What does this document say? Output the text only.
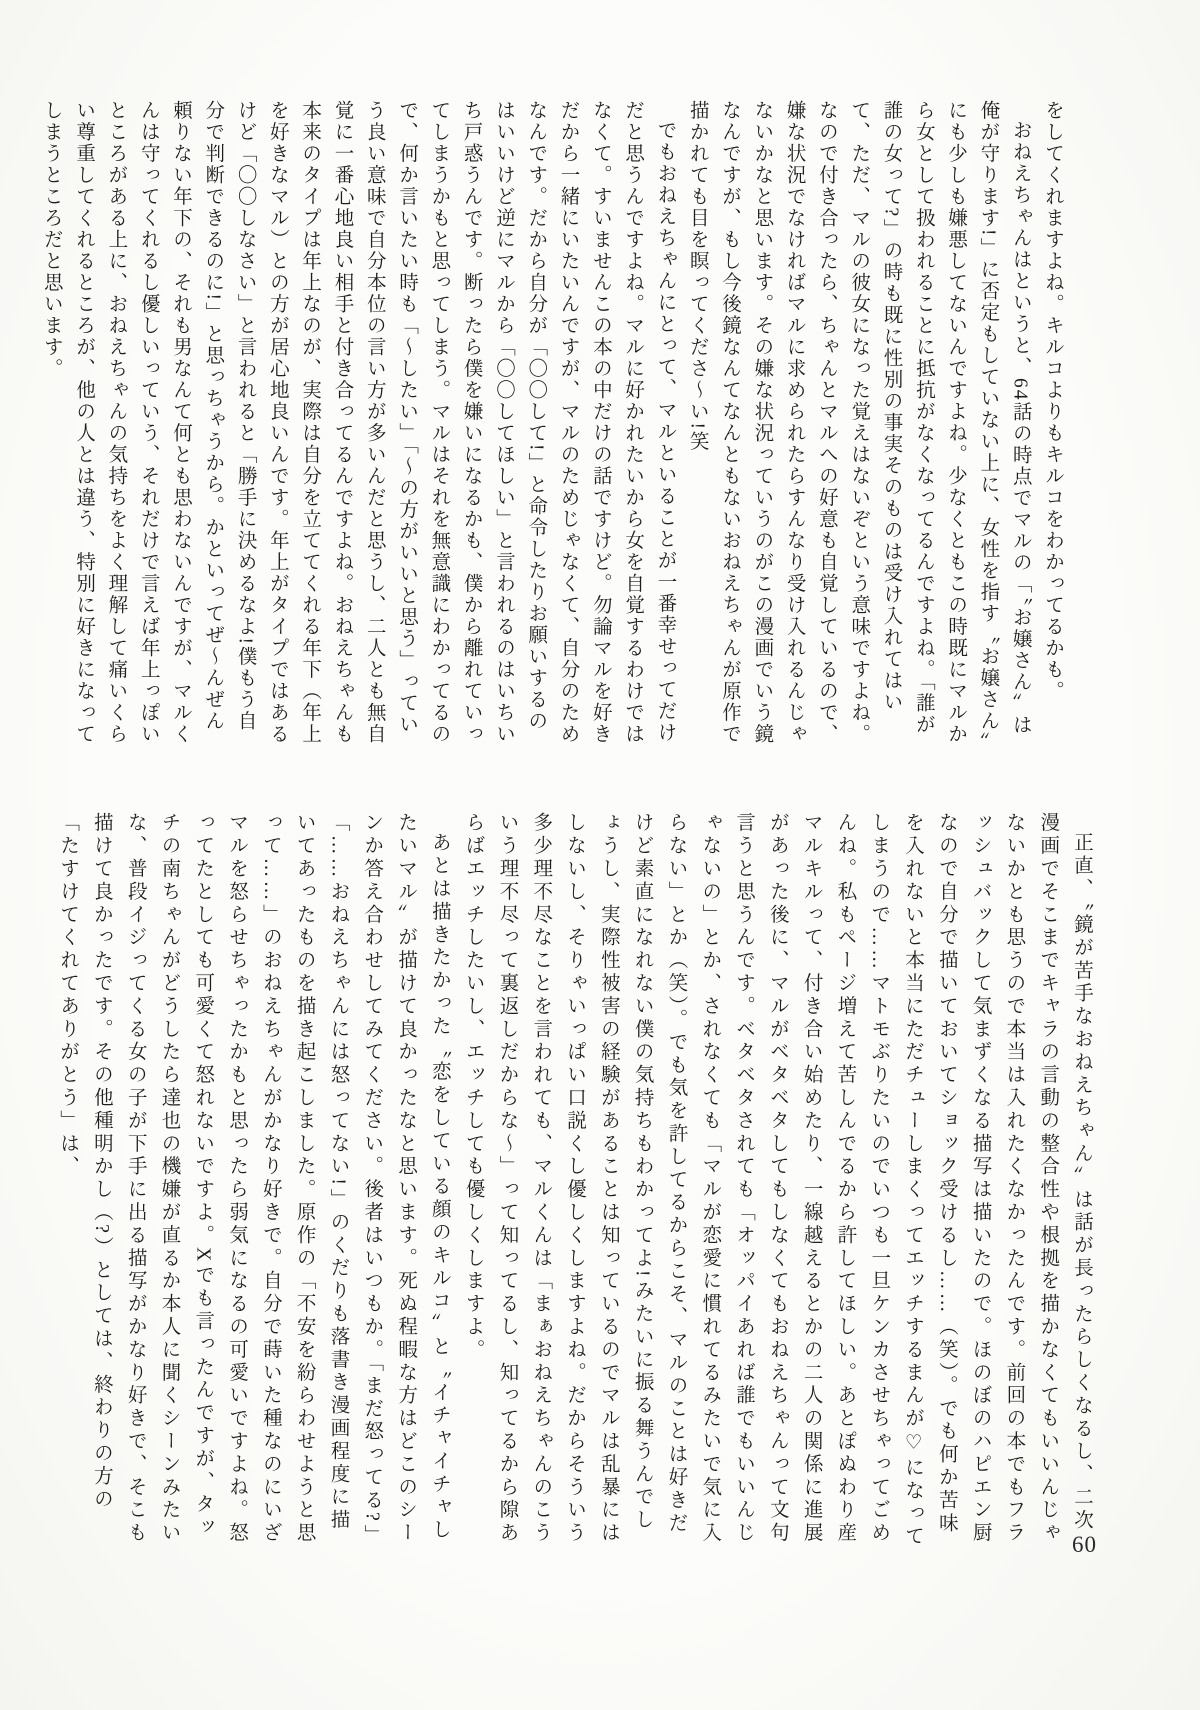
をしてくれますよね。キルコよりもキルコをわかってるかも。

おねえちゃんはというと、64話の時点でマルの「〝お嬢さん〟は俺が守ります!」に否定もしていない上に、女性を指す〝お嬢さん〟にも少しも嫌悪してないんですよね。少なくともこの時既にマルから女として扱われることに抵抗がなくなってるんですよね。「誰が誰の女って?」の時も既に性別の事実そのものは受け入れてはいて、ただ、マルの彼女になった覚えはないぞという意味ですよね。なので付き合ったら、ちゃんとマルへの好意も自覚しているので、嫌な状況でなければマルに求められたらすんなり受け入れるんじゃないかなと思います。その嫌な状況っていうのがこの漫画でいう鏡なんですが、もし今後鏡なんてなんともないおねえちゃんが原作で描かれても目を瞑ってくださ〜い!笑

でもおねえちゃんにとって、マルといることが一番幸せってだけだと思うんですよね。マルに好かれたいから女を自覚するわけではなくて。すいませんこの本の中だけの話ですけど。勿論マルを好きだから一緒にいたいんですが、マルのためじゃなくて、自分のためなんです。だから自分が「〇〇して!」と命令したりお願いするのはいいけど逆にマルから「〇〇してほしい」と言われるのはいちいち戸惑うんです。断ったら僕を嫌いになるかも、僕から離れていってしまうかもと思ってしまう。マルはそれを無意識にわかってるので、何か言いたい時も「〜したい」「〜の方がいいと思う」っていう良い意味で自分本位の言い方が多いんだと思うし、二人とも無自覚に一番心地良い相手と付き合ってるんですよね。おねえちゃんも本来のタイプは年上なのが、実際は自分を立ててくれる年下（年上を好きなマル）との方が居心地良いんです。年上がタイプではあるけど「〇〇しなさい」と言われると「勝手に決めるなよ!僕もう自分で判断できるのに!」と思っちゃうから。かといってぜ〜んぜん頼りない年下の、それも男なんて何とも思わないんですが、マルくんは守ってくれるし優しいっていう、それだけで言えば年上っぽいところがある上に、おねえちゃんの気持ちをよく理解して痛いくらい尊重してくれるところが、他の人とは違う、特別に好きになってしまうところだと思います。

正直、〝鏡が苦手なおねえちゃん〟は話が長ったらしくなるし、二次漫画でそこまでキャラの言動の整合性や根拠を描かなくてもいいんじゃないかとも思うので本当は入れたくなかったんです。前回の本でもフラッシュバックして気まずくなる描写は描いたので。ほのぼのハピエン厨なので自分で描いておいてショック受けるし……（笑）。でも何か苦味を入れないと本当にただチューしまくってエッチするまんが♡になってしまうので……マトモぶりたいのでいつも一旦ケンカさせちゃってごめんね。私もページ増えて苦しんでるから許してほしい。あとぽぬわり産マルキルって、付き合い始めたり、一線越えるとかの二人の関係に進展があった後に、マルがベタベタしてもしなくてもおねえちゃんって文句言うと思うんです。ベタベタされても「オッパイあれば誰でもいいんじゃないの」とか、されなくても「マルが恋愛に慣れてるみたいで気に入らない」とか（笑）。でも気を許してるからこそ、マルのことは好きだけど素直になれない僕の気持ちもわかってよ!みたいに振る舞うんでしょうし、実際性被害の経験があることは知っているのでマルは乱暴にはしないし、そりゃいっぱい口説くし優しくしますよね。だからそういう多少理不尽なことを言われても、マルくんは「まぁおねえちゃんのこういう理不尽って裏返しだからな〜」って知ってるし、知ってるから隙あらばエッチしたいし、エッチしても優しくしますよ。

あとは描きたかった〝恋をしている顔のキルコ〟と〝イチャイチャしたいマル〟が描けて良かったなと思います。死ぬ程暇な方はどこのシーンか答え合わせしてみてください。後者はいつもか。「まだ怒ってる?」「……おねえちゃんには怒ってない!」のくだりも落書き漫画程度に描いてあったものを描き起こしました。原作の「不安を紛らわせようと思って……」のおねえちゃんがかなり好きで。自分で蒔いた種なのにいざマルを怒らせちゃったかもと思ったら弱気になるの可愛いですよね。怒ってたとしても可愛くて怒れないですよ。Xでも言ったんですが、タッチの南ちゃんがどうしたら達也の機嫌が直るか本人に聞くシーンみたいな、普段イジってくる女の子が下手に出る描写がかなり好きで、そこも描けて良かったです。その他種明かし（?）としては、終わりの方の「たすけてくれてありがとう」は、

60
